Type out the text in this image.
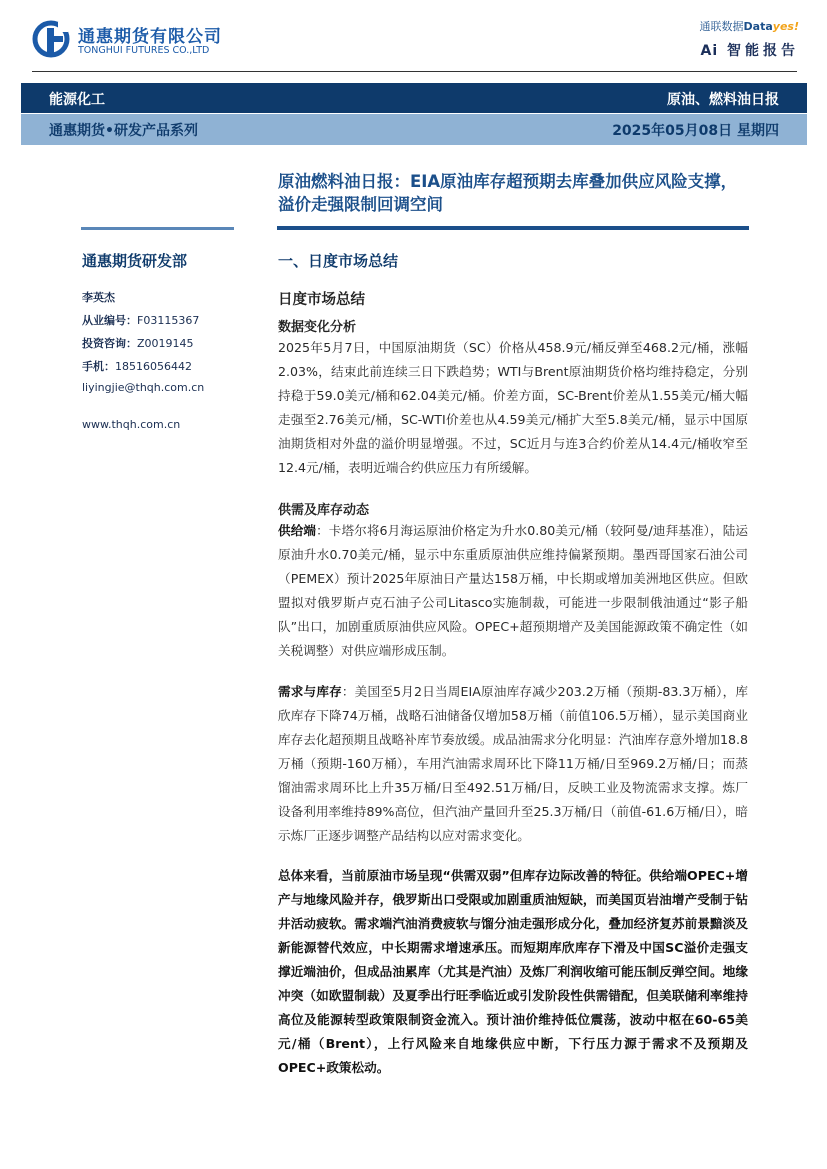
通惠期货有限公司
TONGHUI FUTURES CO.,LTD
通联数据Datayes!
Ai 智能报告
能源化工	原油、燃料油日报
通惠期货•研发产品系列	2025年05月08日 星期四
通惠期货研发部
李英杰
从业编号：F03115367
投资咨询：Z0019145
手机：18516056442
liyingjie@thqh.com.cn
www.thqh.com.cn
原油燃料油日报：EIA原油库存超预期去库叠加供应风险支撑，溢价走强限制回调空间
一、日度市场总结
日度市场总结
数据变化分析
2025年5月7日，中国原油期货（SC）价格从458.9元/桶反弹至468.2元/桶，涨幅2.03%，结束此前连续三日下跌趋势；WTI与Brent原油期货价格均维持稳定，分别持稳于59.0美元/桶和62.04美元/桶。价差方面，SC-Brent价差从1.55美元/桶大幅走强至2.76美元/桶，SC-WTI价差也从4.59美元/桶扩大至5.8美元/桶，显示中国原油期货相对外盘的溢价明显增强。不过，SC近月与连3合约价差从14.4元/桶收窄至12.4元/桶，表明近端合约供应压力有所缓解。
供需及库存动态
供给端：卡塔尔将6月海运原油价格定为升水0.80美元/桶（较阿曼/迪拜基准），陆运原油升水0.70美元/桶，显示中东重质原油供应维持偏紧预期。墨西哥国家石油公司（PEMEX）预计2025年原油日产量达158万桶，中长期或增加美洲地区供应。但欧盟拟对俄罗斯卢克石油子公司Litasco实施制裁，可能进一步限制俄油通过“影子船队”出口，加剧重质原油供应风险。OPEC+超预期增产及美国能源政策不确定性（如关税调整）对供应端形成压制。
需求与库存：美国至5月2日当周EIA原油库存减少203.2万桶（预期-83.3万桶），库欣库存下降74万桶，战略石油储备仅增加58万桶（前值106.5万桶），显示美国商业库存去化超预期且战略补库节奏放缓。成品油需求分化明显：汽油库存意外增加18.8万桶（预期-160万桶），车用汽油需求周环比下降11万桶/日至969.2万桶/日；而蒸馏油需求周环比上升35万桶/日至492.51万桶/日，反映工业及物流需求支撑。炼厂设备利用率维持89%高位，但汽油产量回升至25.3万桶/日（前值-61.6万桶/日），暗示炼厂正逐步调整产品结构以应对需求变化。
总体来看，当前原油市场呈现“供需双弱”但库存边际改善的特征。供给端OPEC+增产与地缘风险并存，俄罗斯出口受限或加剧重质油短缺，而美国页岩油增产受制于钻井活动疲软。需求端汽油消费疲软与馏分油走强形成分化，叠加经济复苏前景黯淡及新能源替代效应，中长期需求增速承压。而短期库欣库存下滑及中国SC溢价走强支撑近端油价，但成品油累库（尤其是汽油）及炼厂利润收缩可能压制反弹空间。地缘冲突（如欧盟制裁）及夏季出行旺季临近或引发阶段性供需错配，但美联储利率维持高位及能源转型政策限制资金流入。预计油价维持低位震荡，波动中枢在60-65美元/桶（Brent），上行风险来自地缘供应中断，下行压力源于需求不及预期及OPEC+政策松动。
